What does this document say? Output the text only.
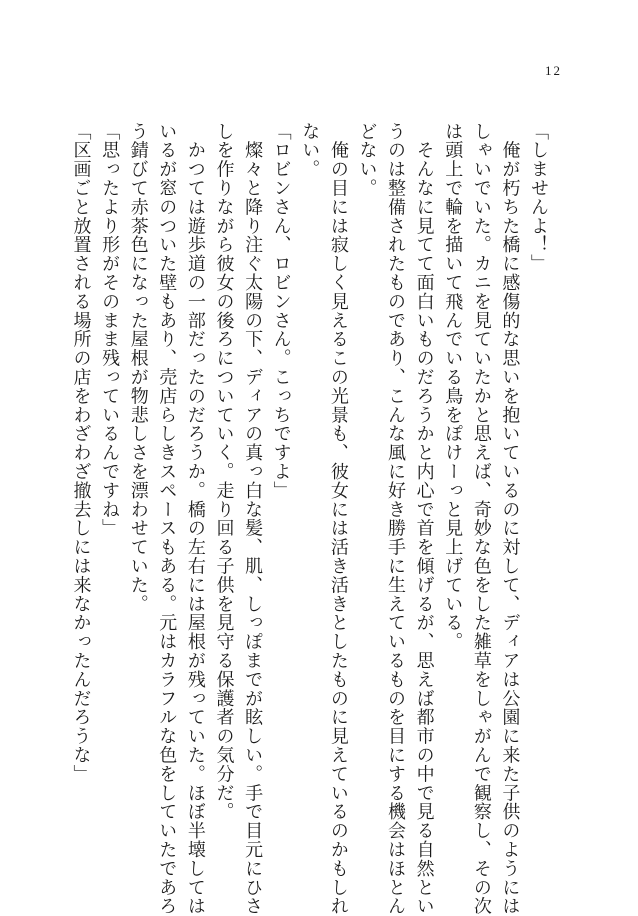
12
「しませんよ！」
　俺が朽ちた橋に感傷的な思いを抱いているのに対して、ディアは公園に来た子供のようには
しゃいでいた。カニを見ていたかと思えば、奇妙な色をした雑草をしゃがんで観察し、その次
は頭上で輪を描いて飛んでいる鳥をぽけーっと見上げている。
　そんなに見てて面白いものだろうかと内心で首を傾げるが、思えば都市の中で見る自然とい
うのは整備されたものであり、こんな風に好き勝手に生えているものを目にする機会はほとん
どない。
　俺の目には寂しく見えるこの光景も、彼女には活き活きとしたものに見えているのかもしれ
ない。
「ロビンさん、ロビンさん。こっちですよ」
　燦々と降り注ぐ太陽の下、ディアの真っ白な髪、肌、しっぽまでが眩しい。手で目元にひさ
しを作りながら彼女の後ろについていく。走り回る子供を見守る保護者の気分だ。
　かつては遊歩道の一部だったのだろうか。橋の左右には屋根が残っていた。ほぼ半壊しては
いるが窓のついた壁もあり、売店らしきスペースもある。元はカラフルな色をしていたであろ
う錆びて赤茶色になった屋根が物悲しさを漂わせていた。
「思ったより形がそのまま残っているんですね」
「区画ごと放置される場所の店をわざわざ撤去しには来なかったんだろうな」
